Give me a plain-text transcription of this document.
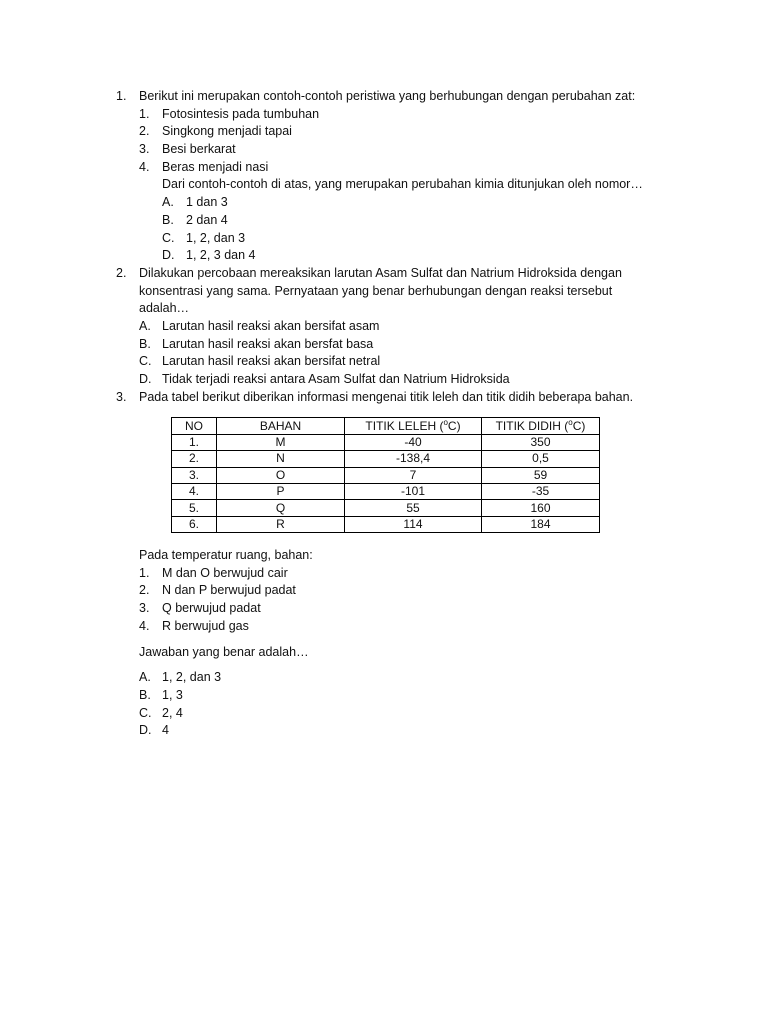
1. Berikut ini merupakan contoh-contoh peristiwa yang berhubungan dengan perubahan zat:
1. Fotosintesis pada tumbuhan
2. Singkong menjadi tapai
3. Besi berkarat
4. Beras menjadi nasi
Dari contoh-contoh di atas, yang merupakan perubahan kimia ditunjukan oleh nomor…
A. 1 dan 3
B. 2 dan 4
C. 1, 2, dan 3
D. 1, 2, 3 dan 4
2. Dilakukan percobaan mereaksikan larutan Asam Sulfat dan Natrium Hidroksida dengan
konsentrasi yang sama. Pernyataan yang benar berhubungan dengan reaksi tersebut
adalah…
A. Larutan hasil reaksi akan bersifat asam
B. Larutan hasil reaksi akan bersfat basa
C. Larutan hasil reaksi akan bersifat netral
D. Tidak terjadi reaksi antara Asam Sulfat dan Natrium Hidroksida
3. Pada tabel berikut diberikan informasi mengenai titik leleh dan titik didih beberapa bahan.
NO	BAHAN	TITIK LELEH ($^o$C)	TITIK DIDIH ($^o$C)
1.	M	-40	350
2.	N	-138,4	0,5
3.	O	7	59
4.	P	-101	-35
5.	Q	55	160
6.	R	114	184
Pada temperatur ruang, bahan:
1. M dan O berwujud cair
2. N dan P berwujud padat
3. Q berwujud padat
4. R berwujud gas
Jawaban yang benar adalah…
A. 1, 2, dan 3
B. 1, 3
C. 2, 4
D. 4
